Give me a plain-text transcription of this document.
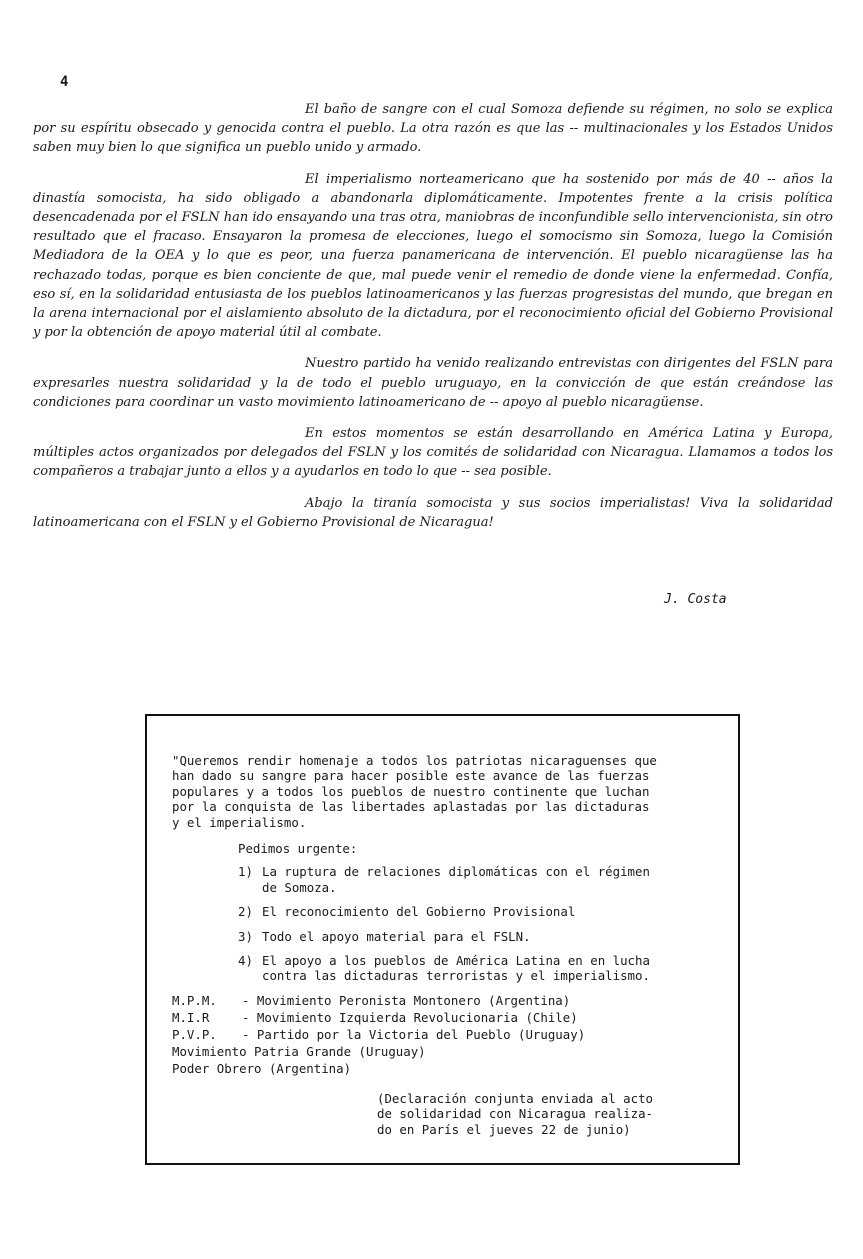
4

El baño de sangre con el cual Somoza defiende su régimen, no solo se explica por su espíritu obsecado y genocida contra el pueblo. La otra razón es que las -- multinacionales y los Estados Unidos saben muy bien lo que significa un pueblo unido y armado.

El imperialismo norteamericano que ha sostenido por más de 40 -- años la dinastía somocista, ha sido obligado a abandonarla diplomáticamente. Impotentes frente a la crisis política desencadenada por el FSLN han ido ensayando una tras otra, maniobras de inconfundible sello intervencionista, sin otro resultado que el fracaso. Ensayaron la promesa de elecciones, luego el somocismo sin Somoza, luego la Comisión Mediadora de la OEA y lo que es peor, una fuerza panamericana de intervención. El pueblo nicaragüense las ha rechazado todas, porque es bien conciente de que, mal puede venir el remedio de donde viene la enfermedad. Confía, eso sí, en la solidaridad entusiasta de los pueblos latinoamericanos y las fuerzas progresistas del mundo, que bregan en la arena internacional por el aislamiento absoluto de la dictadura, por el reconocimiento oficial del Gobierno Provisional y por la obtención de apoyo material útil al combate.

Nuestro partido ha venido realizando entrevistas con dirigentes del FSLN para expresarles nuestra solidaridad y la de todo el pueblo uruguayo, en la convicción de que están creándose las condiciones para coordinar un vasto movimiento latinoamericano de -- apoyo al pueblo nicaragüense.

En estos momentos se están desarrollando en América Latina y Europa, múltiples actos organizados por delegados del FSLN y los comités de solidaridad con Nicaragua. Llamamos a todos los compañeros a trabajar junto a ellos y a ayudarlos en todo lo que -- sea posible.

Abajo la tiranía somocista y sus socios imperialistas! Viva la solidaridad latinoamericana con el FSLN y el Gobierno Provisional de Nicaragua!

J. Costa
"Queremos rendir homenaje a todos los patriotas nicaraguenses que
han dado su sangre para hacer posible este avance de las fuerzas
populares y a todos los pueblos de nuestro continente que luchan
por la conquista de las libertades aplastadas por las dictaduras
y el imperialismo.
Pedimos urgente:
1) La ruptura de relaciones diplomáticas con el régimen
de Somoza.
2) El reconocimiento del Gobierno Provisional
3) Todo el apoyo material para el FSLN.
4) El apoyo a los pueblos de América Latina en en lucha
contra las dictaduras terroristas y el imperialismo.
M.P.M.	- Movimiento Peronista Montonero (Argentina)
M.I.R	- Movimiento Izquierda Revolucionaria (Chile)
P.V.P.	- Partido por la Victoria del Pueblo (Uruguay)
Movimiento Patria Grande (Uruguay)
Poder Obrero (Argentina)
(Declaración conjunta enviada al acto
de solidaridad con Nicaragua realiza-
do en París el jueves 22 de junio)
